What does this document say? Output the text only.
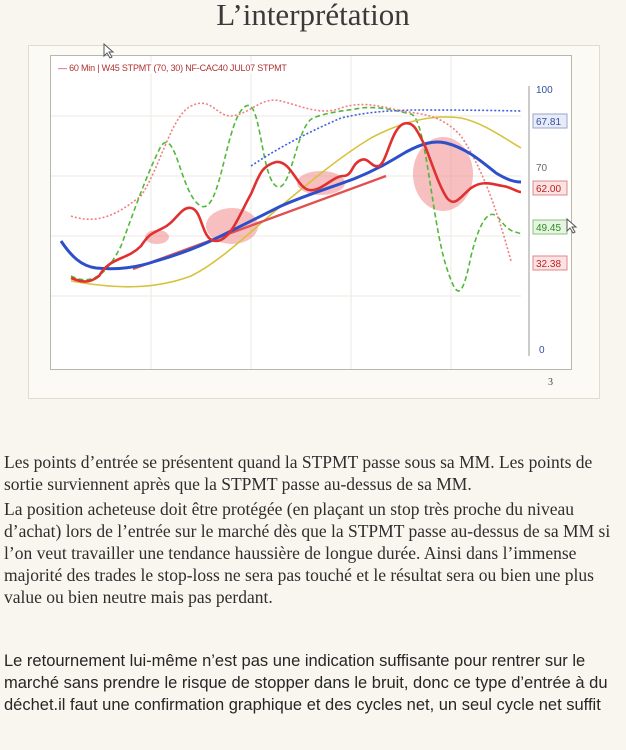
L’interprétation
100
67.81
70
62.00
49.45
32.38
0
— 60 Min | W45 STPMT (70, 30) NF-CAC40 JUL07 STPMT
3

Les points d’entrée se présentent quand la STPMT passe sous sa MM. Les points de sortie surviennent après que la STPMT passe au-dessus de sa MM.

La position acheteuse doit être protégée (en plaçant un stop très proche du niveau d’achat) lors de l’entrée sur le marché dès que la STPMT passe au-dessus de sa MM si l’on veut travailler une tendance haussière de longue durée. Ainsi dans l’immense majorité des trades le stop-loss ne sera pas touché et le résultat sera ou bien une plus value ou bien neutre mais pas perdant.

Le retournement lui-même n’est pas une indication suffisante pour rentrer sur le marché sans prendre le risque de stopper dans le bruit, donc ce type d’entrée à du déchet.il faut une confirmation graphique et des cycles net, un seul cycle net suffit
